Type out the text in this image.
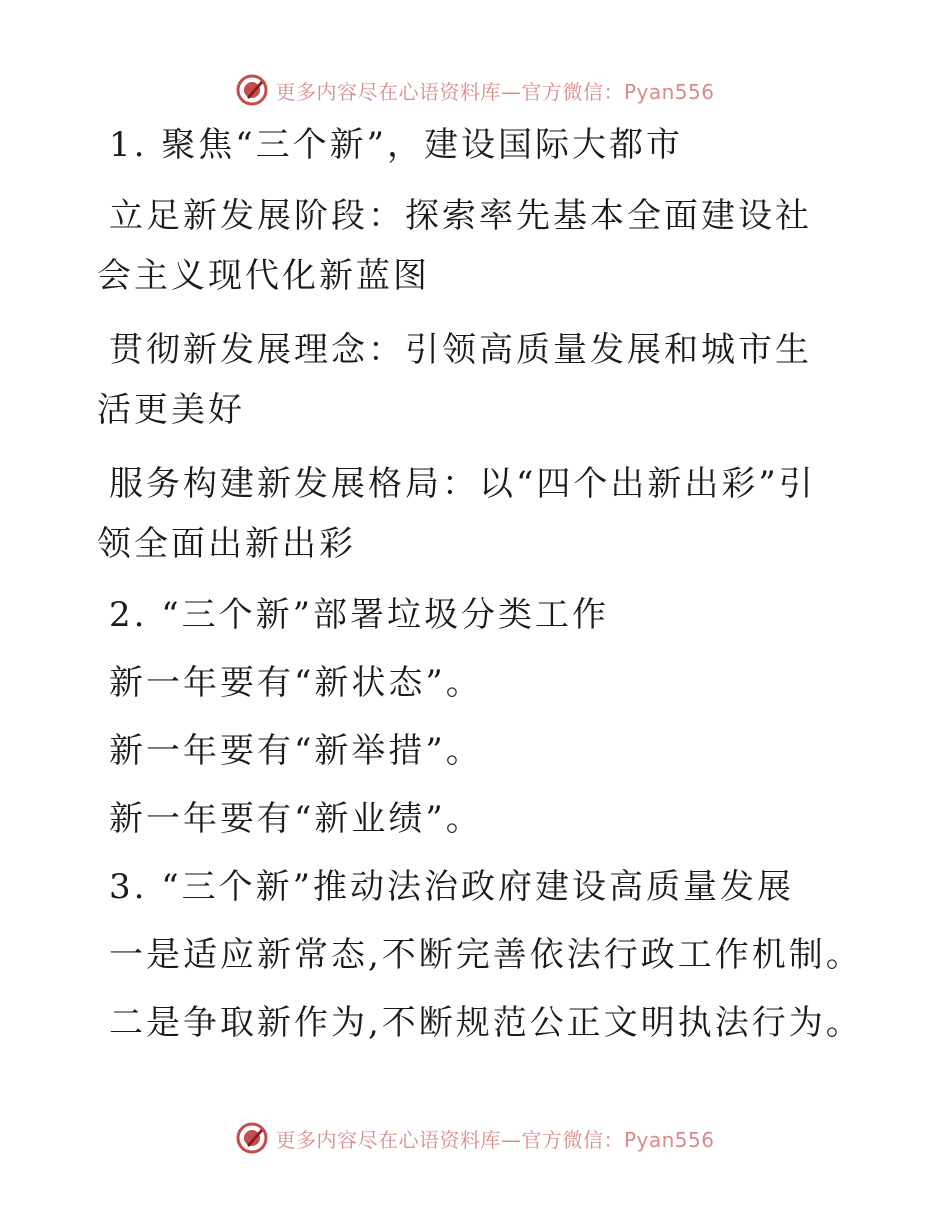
更多内容尽在心语资料库—官方微信：Pyan556
1. 聚焦“三个新”，建设国际大都市
立足新发展阶段：探索率先基本全面建设社会主义现代化新蓝图
贯彻新发展理念：引领高质量发展和城市生活更美好
服务构建新发展格局：以“四个出新出彩”引领全面出新出彩
2. “三个新”部署垃圾分类工作
新一年要有“新状态”。
新一年要有“新举措”。
新一年要有“新业绩”。
3. “三个新”推动法治政府建设高质量发展
一是适应新常态,不断完善依法行政工作机制。
二是争取新作为,不断规范公正文明执法行为。
更多内容尽在心语资料库—官方微信：Pyan556
